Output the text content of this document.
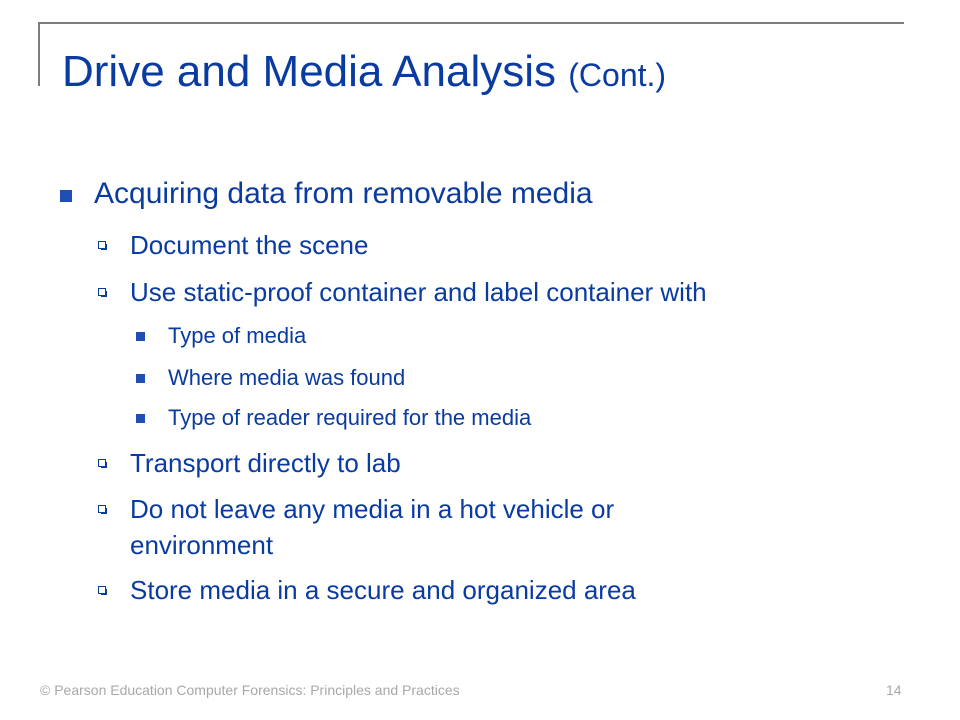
Drive and Media Analysis (Cont.)
Acquiring data from removable media
Document the scene
Use static-proof container and label container with
Type of media
Where media was found
Type of reader required for the media
Transport directly to lab
Do not leave any media in a hot vehicle or
environment
Store media in a secure and organized area
© Pearson Education Computer Forensics: Principles and Practices	14
